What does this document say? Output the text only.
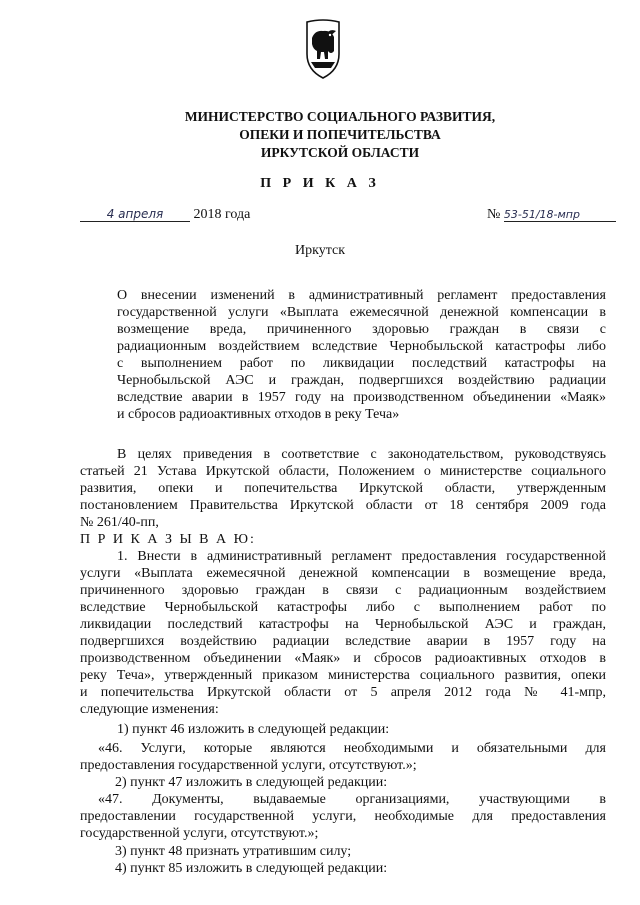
МИНИСТЕРСТВО СОЦИАЛЬНОГО РАЗВИТИЯ,
ОПЕКИ И ПОПЕЧИТЕЛЬСТВА
ИРКУТСКОЙ ОБЛАСТИ
П Р И К А З
4 апреля 2018 года	№ 53-51/18-мпр
Иркутск
О внесении изменений в административный регламент предоставления
государственной услуги «Выплата ежемесячной денежной компенсации в
возмещение вреда, причиненного здоровью граждан в связи с
радиационным воздействием вследствие Чернобыльской катастрофы либо
с выполнением работ по ликвидации последствий катастрофы на
Чернобыльской АЭС и граждан, подвергшихся воздействию радиации
вследствие аварии в 1957 году на производственном объединении «Маяк»
и сбросов радиоактивных отходов в реку Теча»
В целях приведения в соответствие с законодательством, руководствуясь
статьей 21 Устава Иркутской области, Положением о министерстве социального
развития, опеки и попечительства Иркутской области, утвержденным
постановлением Правительства Иркутской области от 18 сентября 2009 года
№ 261/40-пп,
П Р И К А З Ы В А Ю:
1. Внести в административный регламент предоставления государственной
услуги «Выплата ежемесячной денежной компенсации в возмещение вреда,
причиненного здоровью граждан в связи с радиационным воздействием
вследствие Чернобыльской катастрофы либо с выполнением работ по
ликвидации последствий катастрофы на Чернобыльской АЭС и граждан,
подвергшихся воздействию радиации вследствие аварии в 1957 году на
производственном объединении «Маяк» и сбросов радиоактивных отходов в
реку Теча», утвержденный приказом министерства социального развития, опеки
и попечительства Иркутской области от 5 апреля 2012 года № 41-мпр,
следующие изменения:
1) пункт 46 изложить в следующей редакции:
«46. Услуги, которые являются необходимыми и обязательными для
предоставления государственной услуги, отсутствуют.»;
2) пункт 47 изложить в следующей редакции:
«47. Документы, выдаваемые организациями, участвующими в
предоставлении государственной услуги, необходимые для предоставления
государственной услуги, отсутствуют.»;
3) пункт 48 признать утратившим силу;
4) пункт 85 изложить в следующей редакции:
